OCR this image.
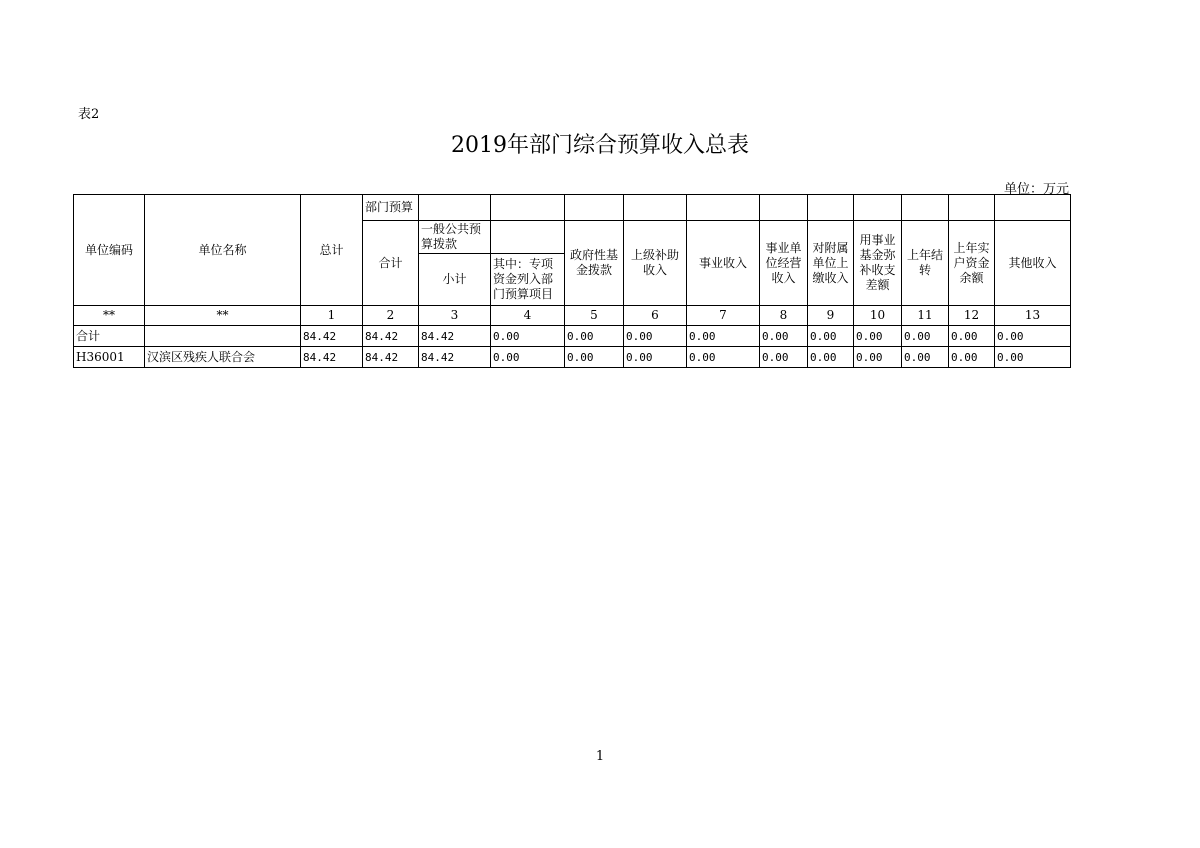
表2
2019年部门综合预算收入总表
单位：万元
单位编码	单位名称	总计	部门预算											
			合计	一般公共预算拨款		政府性基金拨款	上级补助收入	事业收入	事业单位经营收入	对附属单位上缴收入	用事业基金弥补收支差额	上年结转	上年实户资金余额	其他收入
				小计	其中：专项资金列入部门预算项目									
**	**	1	2	3	4	5	6	7	8	9	10	11	12	13
合计		84.42	84.42	84.42	0.00	0.00	0.00	0.00	0.00	0.00	0.00	0.00	0.00	0.00
H36001	汉滨区残疾人联合会	84.42	84.42	84.42	0.00	0.00	0.00	0.00	0.00	0.00	0.00	0.00	0.00	0.00
1
